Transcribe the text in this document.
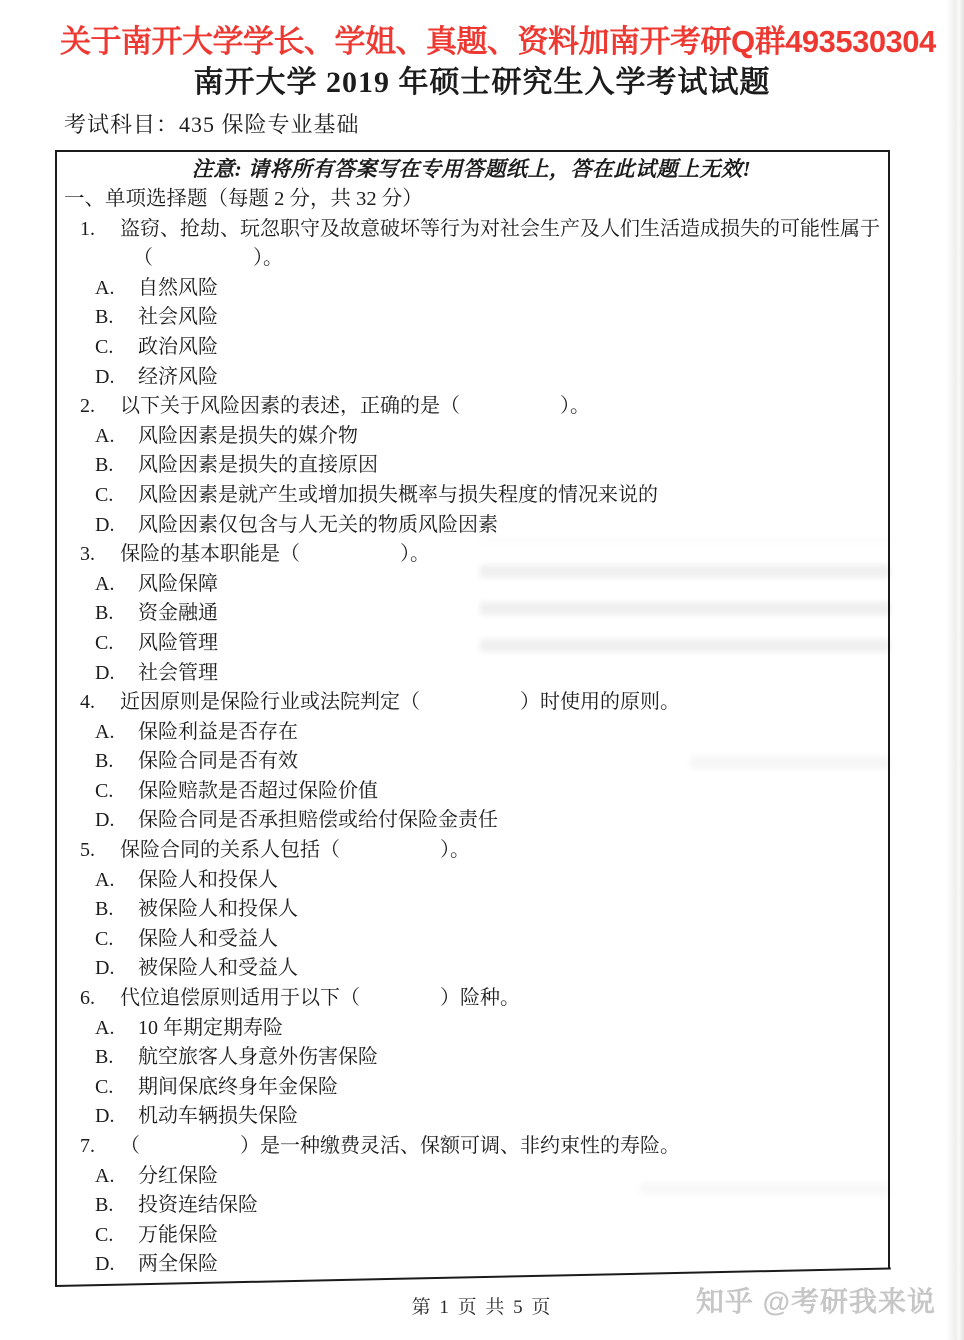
关于南开大学学长、学姐、真题、资料加南开考研Q群493530304
南开大学 2019 年硕士研究生入学考试试题
考试科目：435 保险专业基础
注意: 请将所有答案写在专用答题纸上，答在此试题上无效!
一、单项选择题（每题 2 分，共 32 分）
1.	盗窃、抢劫、玩忽职守及故意破坏等行为对社会生产及人们生活造成损失的可能性属于
（　　　　　）。
A.	自然风险
B.	社会风险
C.	政治风险
D.	经济风险
2.	以下关于风险因素的表述，正确的是（　　　　　）。
A.	风险因素是损失的媒介物
B.	风险因素是损失的直接原因
C.	风险因素是就产生或增加损失概率与损失程度的情况来说的
D.	风险因素仅包含与人无关的物质风险因素
3.	保险的基本职能是（　　　　　）。
A.	风险保障
B.	资金融通
C.	风险管理
D.	社会管理
4.	近因原则是保险行业或法院判定（　　　　　）时使用的原则。
A.	保险利益是否存在
B.	保险合同是否有效
C.	保险赔款是否超过保险价值
D.	保险合同是否承担赔偿或给付保险金责任
5.	保险合同的关系人包括（　　　　　）。
A.	保险人和投保人
B.	被保险人和投保人
C.	保险人和受益人
D.	被保险人和受益人
6.	代位追偿原则适用于以下（　　　　）险种。
A.	10 年期定期寿险
B.	航空旅客人身意外伤害保险
C.	期间保底终身年金保险
D.	机动车辆损失保险
7.	（　　　　　）是一种缴费灵活、保额可调、非约束性的寿险。
A.	分红保险
B.	投资连结保险
C.	万能保险
D.	两全保险
第 1 页 共 5 页	知乎 @考研我来说
